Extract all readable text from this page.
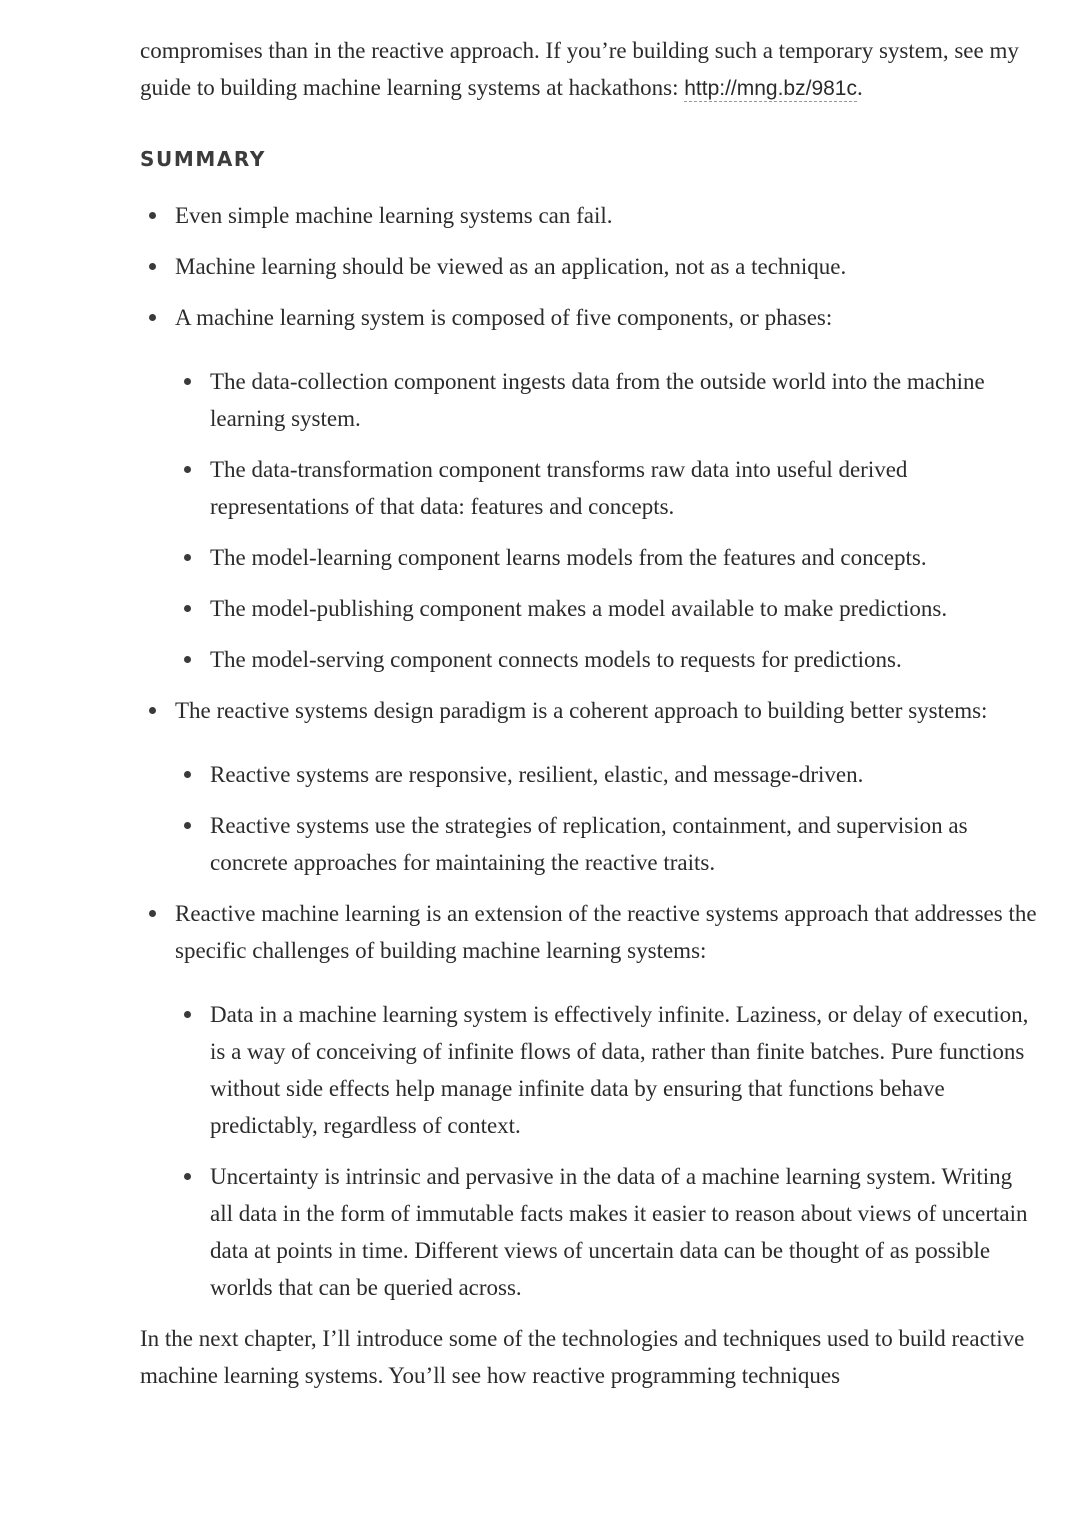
compromises than in the reactive approach. If you’re building such a temporary system, see my guide to building machine learning systems at hackathons: http://mng.bz/981c.

SUMMARY
Even simple machine learning systems can fail.
Machine learning should be viewed as an application, not as a technique.
A machine learning system is composed of five components, or phases:
The data-collection component ingests data from the outside world into the machine learning system.
The data-transformation component transforms raw data into useful derived representations of that data: features and concepts.
The model-learning component learns models from the features and concepts.
The model-publishing component makes a model available to make predictions.
The model-serving component connects models to requests for predictions.
The reactive systems design paradigm is a coherent approach to building better systems:
Reactive systems are responsive, resilient, elastic, and message-driven.
Reactive systems use the strategies of replication, containment, and supervision as concrete approaches for maintaining the reactive traits.
Reactive machine learning is an extension of the reactive systems approach that addresses the specific challenges of building machine learning systems:
Data in a machine learning system is effectively infinite. Laziness, or delay of execution, is a way of conceiving of infinite flows of data, rather than finite batches. Pure functions without side effects help manage infinite data by ensuring that functions behave predictably, regardless of context.
Uncertainty is intrinsic and pervasive in the data of a machine learning system. Writing all data in the form of immutable facts makes it easier to reason about views of uncertain data at points in time. Different views of uncertain data can be thought of as possible worlds that can be queried across.

In the next chapter, I’ll introduce some of the technologies and techniques used to build reactive machine learning systems. You’ll see how reactive programming techniques
